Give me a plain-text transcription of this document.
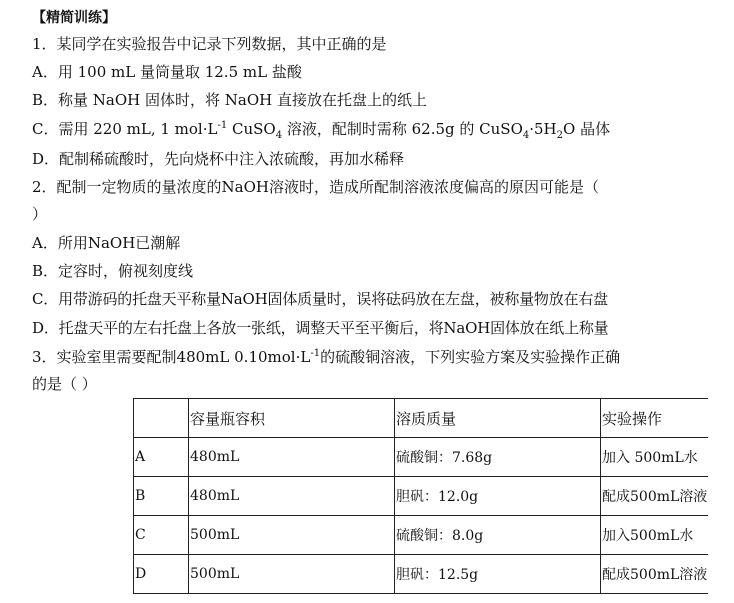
【精简训练】
1．某同学在实验报告中记录下列数据，其中正确的是
A．用 100 mL 量筒量取 12.5 mL 盐酸
B．称量 NaOH 固体时，将 NaOH 直接放在托盘上的纸上
C．需用 220 mL, 1 $mol\cdot L^{-1}$ CuSO$_4$ 溶液，配制时需称 62.5g 的 $CuSO_4\cdot 5H_2O$ 晶体
D．配制稀硫酸时，先向烧杯中注入浓硫酸，再加水稀释
2．配制一定物质的量浓度的NaOH溶液时，造成所配制溶液浓度偏高的原因可能是（
）
A．所用NaOH已潮解
B．定容时，俯视刻度线
C．用带游码的托盘天平称量NaOH固体质量时，误将砝码放在左盘，被称量物放在右盘
D．托盘天平的左右托盘上各放一张纸，调整天平至平衡后，将NaOH固体放在纸上称量
3．实验室里需要配制480mL $0.10mol\cdot L^{-1}$的硫酸铜溶液，下列实验方案及实验操作正确
的是（ ）
	容量瓶容积	溶质质量	实验操作
A	480mL	硫酸铜：7.68g	加入 500mL水
B	480mL	胆矾：12.0g	配成500mL溶液
C	500mL	硫酸铜：8.0g	加入500mL水
D	500mL	胆矾：12.5g	配成500mL溶液
